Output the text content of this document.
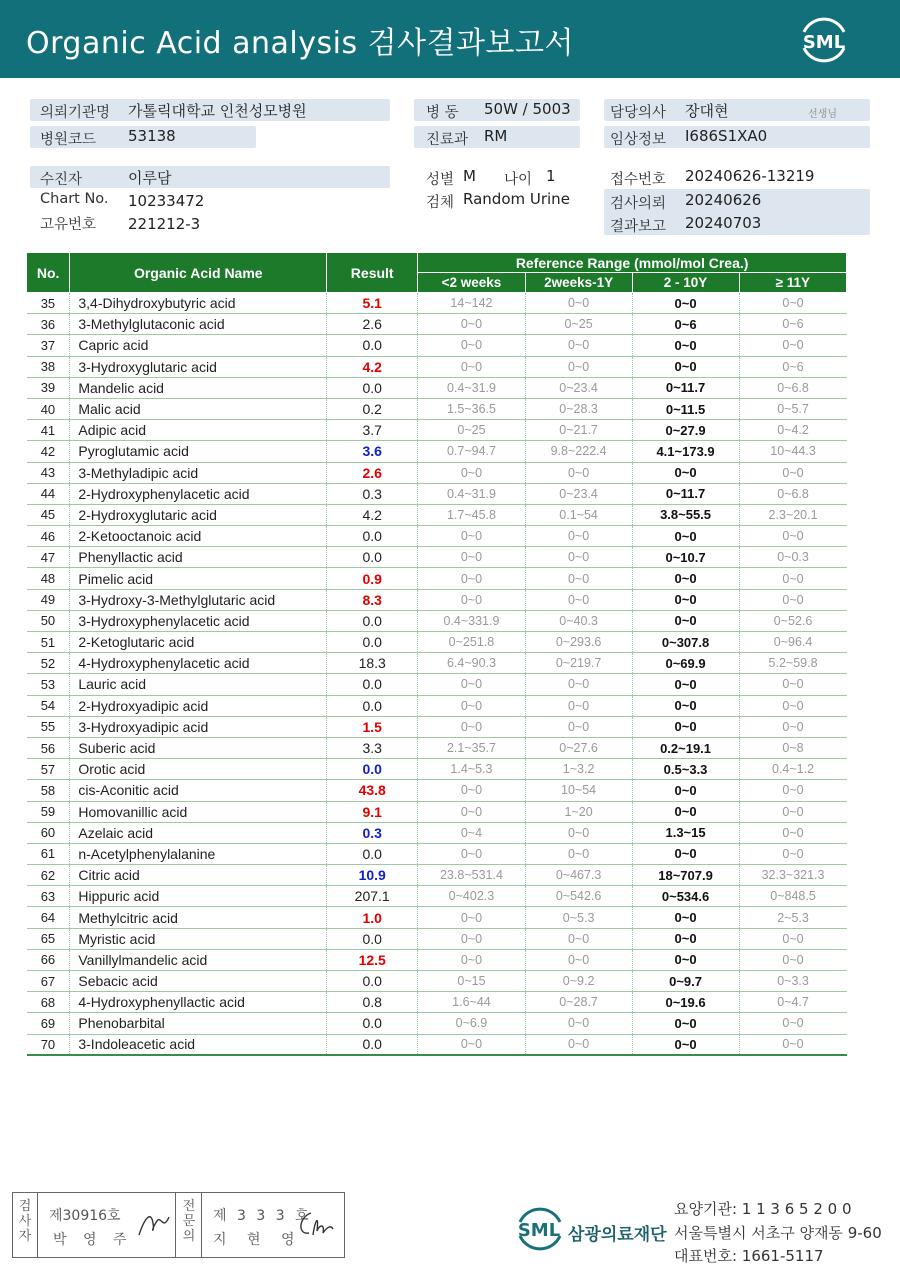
Organic Acid analysis 검사결과보고서	SML
의뢰기관명 가톨릭대학교 인천성모병원
병원코드 53138
병 동 50W / 5003
진료과 RM
담당의사 장대현	선생님
임상정보 I686S1XA0
수진자	이루담
Chart No. 10233472
고유번호 221212-3
성별 M 나이 1
검체 Random Urine
접수번호 20240626-13219
검사의뢰 20240626
결과보고 20240703
No.	Organic Acid Name	Result	Reference Range (mmol/mol Crea.)			
			<2 weeks	2weeks-1Y	2 - 10Y	≥ 11Y
35	3,4-Dihydroxybutyric acid	5.1	14~142	0~0	0~0	0~0
36	3-Methylglutaconic acid	2.6	0~0	0~25	0~6	0~6
37	Capric acid	0.0	0~0	0~0	0~0	0~0
38	3-Hydroxyglutaric acid	4.2	0~0	0~0	0~0	0~6
39	Mandelic acid	0.0	0.4~31.9	0~23.4	0~11.7	0~6.8
40	Malic acid	0.2	1.5~36.5	0~28.3	0~11.5	0~5.7
41	Adipic acid	3.7	0~25	0~21.7	0~27.9	0~4.2
42	Pyroglutamic acid	3.6	0.7~94.7	9.8~222.4	4.1~173.9	10~44.3
43	3-Methyladipic acid	2.6	0~0	0~0	0~0	0~0
44	2-Hydroxyphenylacetic acid	0.3	0.4~31.9	0~23.4	0~11.7	0~6.8
45	2-Hydroxyglutaric acid	4.2	1.7~45.8	0.1~54	3.8~55.5	2.3~20.1
46	2-Ketooctanoic acid	0.0	0~0	0~0	0~0	0~0
47	Phenyllactic acid	0.0	0~0	0~0	0~10.7	0~0.3
48	Pimelic acid	0.9	0~0	0~0	0~0	0~0
49	3-Hydroxy-3-Methylglutaric acid	8.3	0~0	0~0	0~0	0~0
50	3-Hydroxyphenylacetic acid	0.0	0.4~331.9	0~40.3	0~0	0~52.6
51	2-Ketoglutaric acid	0.0	0~251.8	0~293.6	0~307.8	0~96.4
52	4-Hydroxyphenylacetic acid	18.3	6.4~90.3	0~219.7	0~69.9	5.2~59.8
53	Lauric acid	0.0	0~0	0~0	0~0	0~0
54	2-Hydroxyadipic acid	0.0	0~0	0~0	0~0	0~0
55	3-Hydroxyadipic acid	1.5	0~0	0~0	0~0	0~0
56	Suberic acid	3.3	2.1~35.7	0~27.6	0.2~19.1	0~8
57	Orotic acid	0.0	1.4~5.3	1~3.2	0.5~3.3	0.4~1.2
58	cis-Aconitic acid	43.8	0~0	10~54	0~0	0~0
59	Homovanillic acid	9.1	0~0	1~20	0~0	0~0
60	Azelaic acid	0.3	0~4	0~0	1.3~15	0~0
61	n-Acetylphenylalanine	0.0	0~0	0~0	0~0	0~0
62	Citric acid	10.9	23.8~531.4	0~467.3	18~707.9	32.3~321.3
63	Hippuric acid	207.1	0~402.3	0~542.6	0~534.6	0~848.5
64	Methylcitric acid	1.0	0~0	0~5.3	0~0	2~5.3
65	Myristic acid	0.0	0~0	0~0	0~0	0~0
66	Vanillylmandelic acid	12.5	0~0	0~0	0~0	0~0
67	Sebacic acid	0.0	0~15	0~9.2	0~9.7	0~3.3
68	4-Hydroxyphenyllactic acid	0.8	1.6~44	0~28.7	0~19.6	0~4.7
69	Phenobarbital	0.0	0~6.9	0~0	0~0	0~0
70	3-Indoleacetic acid	0.0	0~0	0~0	0~0	0~0
검
사
자
제30916호
박 영 주
전
문
의
제 3 3 3 호
지 현 영	SML 삼광의료재단
요양기관: 1 1 3 6 5 2 0 0
서울특별시 서초구 양재동 9-60
대표번호: 1661-5117
